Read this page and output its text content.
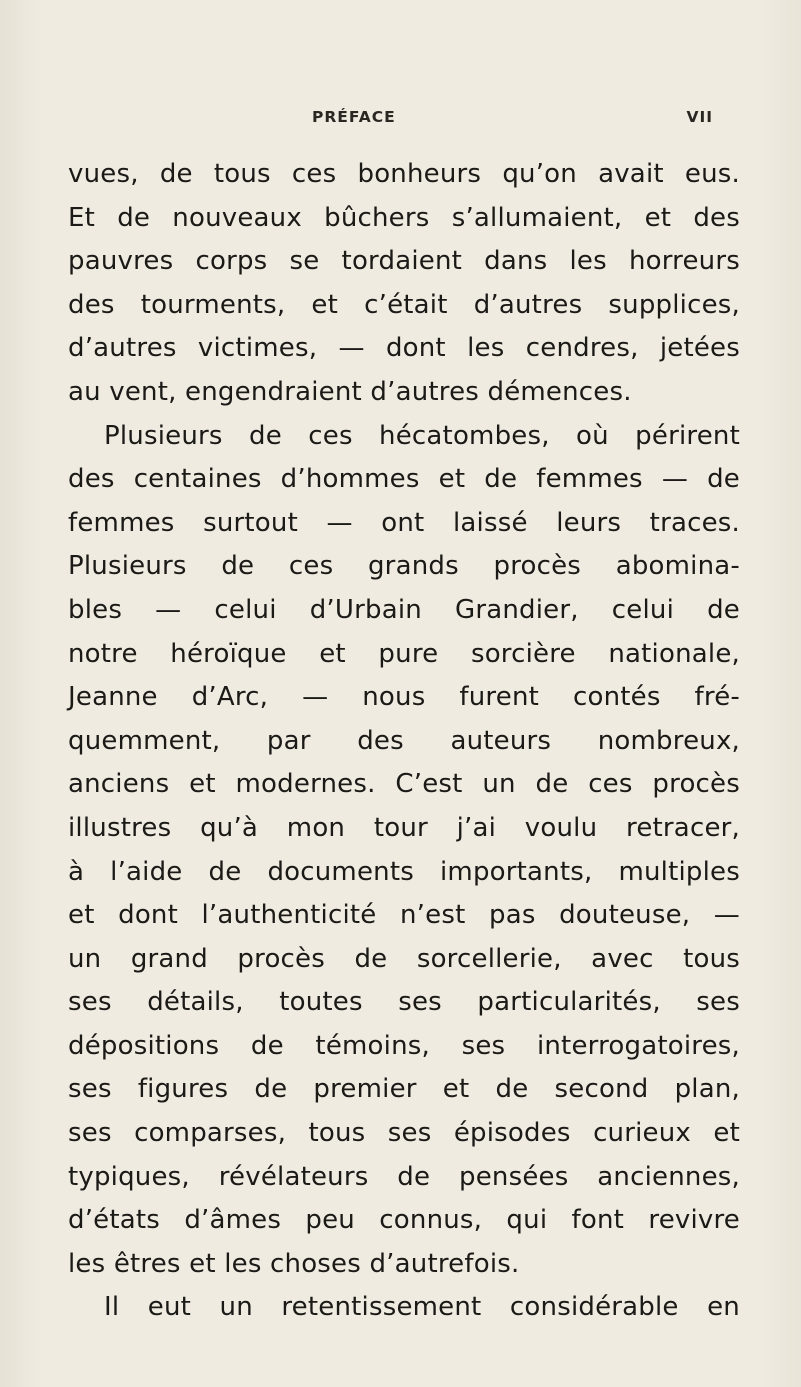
PRÉFACE	VII
vues, de tous ces bonheurs qu’on avait eus.
Et de nouveaux bûchers s’allumaient, et des
pauvres corps se tordaient dans les horreurs
des tourments, et c’était d’autres supplices,
d’autres victimes, — dont les cendres, jetées
au vent, engendraient d’autres démences.
Plusieurs de ces hécatombes, où périrent
des centaines d’hommes et de femmes — de
femmes surtout — ont laissé leurs traces.
Plusieurs de ces grands procès abomina-
bles — celui d’Urbain Grandier, celui de
notre héroïque et pure sorcière nationale,
Jeanne d’Arc, — nous furent contés fré-
quemment, par des auteurs nombreux,
anciens et modernes. C’est un de ces procès
illustres qu’à mon tour j’ai voulu retracer,
à l’aide de documents importants, multiples
et dont l’authenticité n’est pas douteuse, —
un grand procès de sorcellerie, avec tous
ses détails, toutes ses particularités, ses
dépositions de témoins, ses interrogatoires,
ses figures de premier et de second plan,
ses comparses, tous ses épisodes curieux et
typiques, révélateurs de pensées anciennes,
d’états d’âmes peu connus, qui font revivre
les êtres et les choses d’autrefois.
Il eut un retentissement considérable en
